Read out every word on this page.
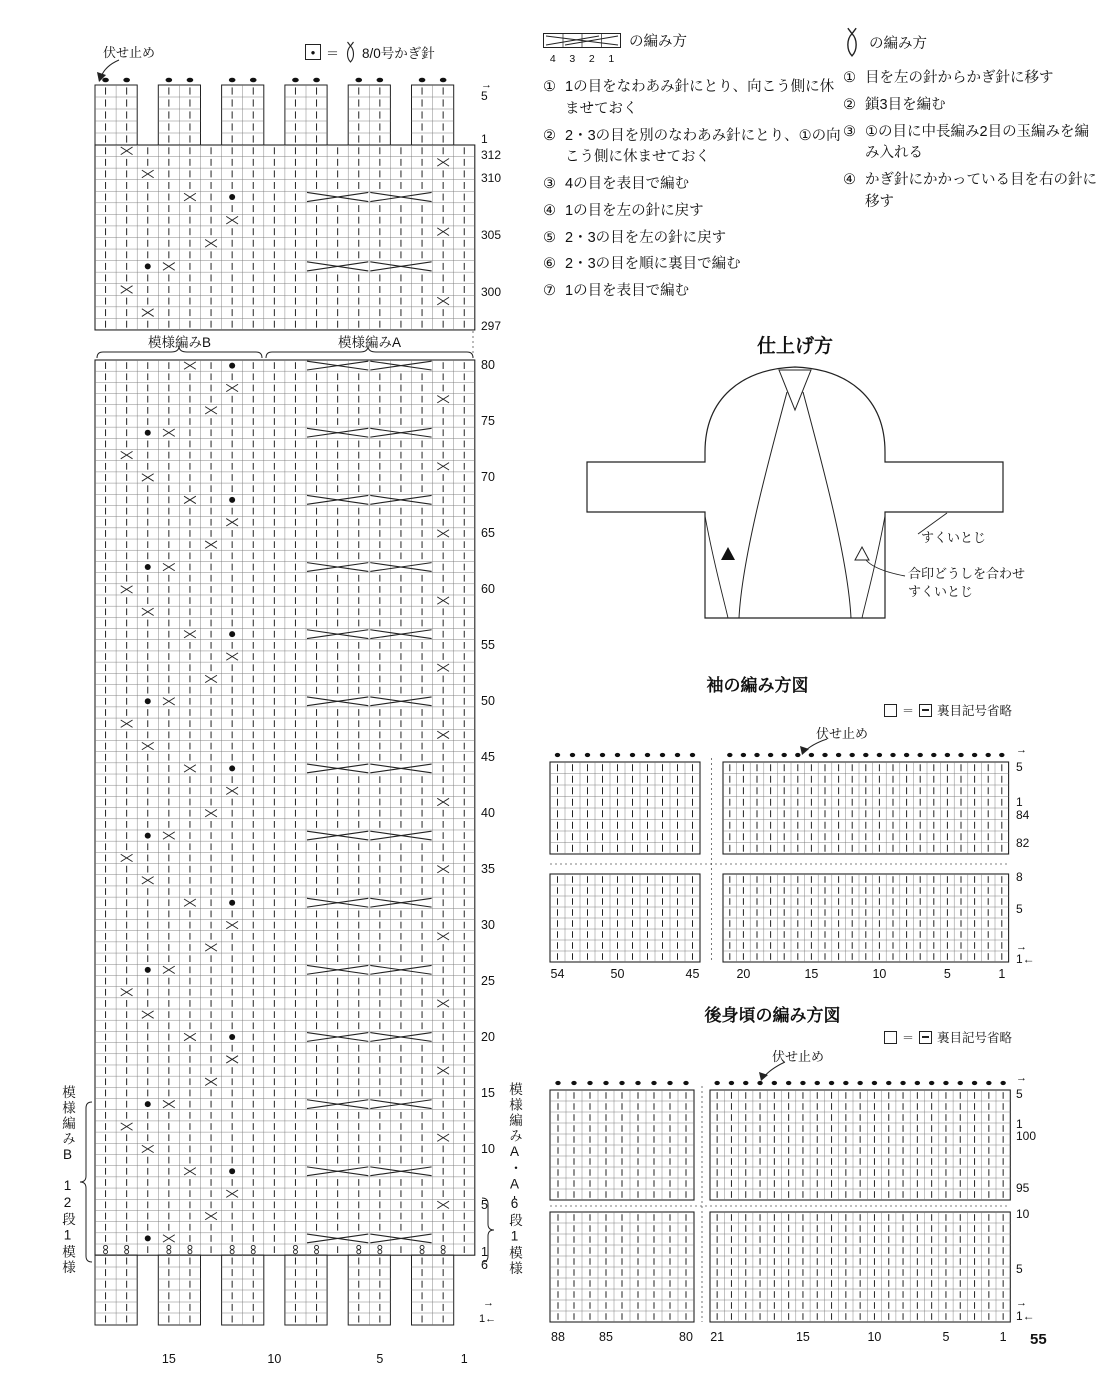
→
5
1
312
310
305
300
297
80
75
70
65
60
55
50
45
40
35
30
25
20
15
10
5
1
6
→
1←
15	10	5	1
→
5
1
84
82
8
5
→
1←
54	50	45	20	15	10	5	1
→
5
1
100
95
10
5
→
1←
88	85	80 21	15	10	5	1
伏せ止め	● ＝ 8/0号かぎ針
模様編みB	模様編みA
の編み方
4	3	2	1
① 1の目をなわあみ針にとり、向こう側に休ませておく
② 2・3の目を別のなわあみ針にとり、①の向こう側に休ませておく
③ 4の目を表目で編む
④ 1の目を左の針に戻す
⑤ 2・3の目を左の針に戻す
⑥ 2・3の目を順に裏目で編む
⑦ 1の目を表目で編む
の編み方
① 目を左の針からかぎ針に移す
② 鎖3目を編む
③ ①の目に中長編み2目の玉編みを編み入れる
④ かぎ針にかかっている目を右の針に移す
仕上げ方
すくいとじ
合印どうしを合わせ
すくいとじ
袖の編み方図
＝ 裏目記号省略
伏せ止め
後身頃の編み方図
＝ 裏目記号省略
伏せ止め
模様編みB
12段1模様
模様編みA・A'
6段1模様
55
